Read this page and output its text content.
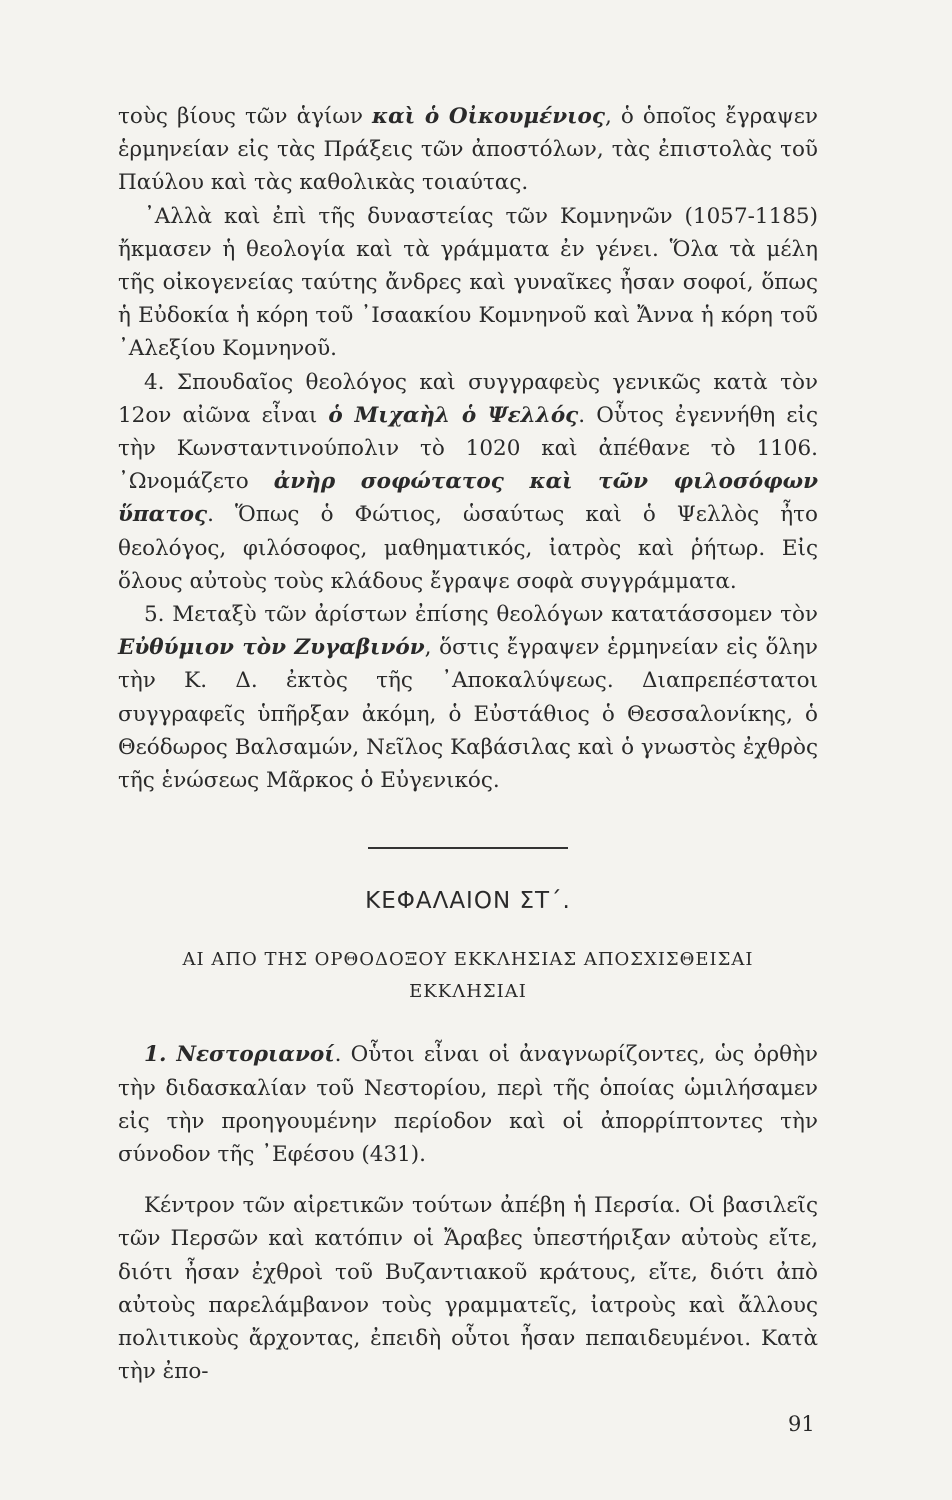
τοὺς βίους τῶν ἁγίων καὶ ὁ Οἰκουμένιος, ὁ ὁποῖος ἔγραψεν ἑρμηνείαν εἰς τὰς Πράξεις τῶν ἀποστόλων, τὰς ἐπιστολὰς τοῦ Παύλου καὶ τὰς καθολικὰς τοιαύτας.

᾿Αλλὰ καὶ ἐπὶ τῆς δυναστείας τῶν Κομνηνῶν (1057-1185) ἤκμασεν ἡ θεολογία καὶ τὰ γράμματα ἐν γένει. Ὅλα τὰ μέλη τῆς οἰκογενείας ταύτης ἄνδρες καὶ γυναῖκες ἦσαν σοφοί, ὅπως ἡ Εὐδοκία ἡ κόρη τοῦ ᾿Ισαακίου Κομνηνοῦ καὶ Ἄννα ἡ κόρη τοῦ ᾿Αλεξίου Κομνηνοῦ.

4. Σπουδαῖος θεολόγος καὶ συγγραφεὺς γενικῶς κατὰ τὸν 12ον αἰῶνα εἶναι ὁ Μιχαὴλ ὁ Ψελλός. Οὗτος ἐγεννήθη εἰς τὴν Κωνσταντινούπολιν τὸ 1020 καὶ ἀπέθανε τὸ 1106. ᾿Ωνομάζετο ἀνὴρ σοφώτατος καὶ τῶν φιλοσόφων ὕπατος. Ὅπως ὁ Φώτιος, ὡσαύτως καὶ ὁ Ψελλὸς ἦτο θεολόγος, φιλόσοφος, μαθηματικός, ἰατρὸς καὶ ῥήτωρ. Εἰς ὅλους αὐτοὺς τοὺς κλάδους ἔγραψε σοφὰ συγγράμματα.

5. Μεταξὺ τῶν ἀρίστων ἐπίσης θεολόγων κατατάσσομεν τὸν Εὐθύμιον τὸν Ζυγαβινόν, ὅστις ἔγραψεν ἑρμηνείαν εἰς ὅλην τὴν Κ. Δ. ἐκτὸς τῆς ᾿Αποκαλύψεως. Διαπρεπέστατοι συγγραφεῖς ὑπῆρξαν ἀκόμη, ὁ Εὐστάθιος ὁ Θεσσαλονίκης, ὁ Θεόδωρος Βαλσαμών, Νεῖλος Καβάσιλας καὶ ὁ γνωστὸς ἐχθρὸς τῆς ἑνώσεως Μᾶρκος ὁ Εὐγενικός.

ΚΕΦΑΛΑΙΟΝ ΣΤ΄.
ΑΙ ΑΠΟ ΤΗΣ ΟΡΘΟΔΟΞΟΥ ΕΚΚΛΗΣΙΑΣ ΑΠΟΣΧΙΣΘΕΙΣΑΙ
ΕΚΚΛΗΣΙΑΙ

1. Νεστοριανοί. Οὗτοι εἶναι οἱ ἀναγνωρίζοντες, ὡς ὀρθὴν τὴν διδασκαλίαν τοῦ Νεστορίου, περὶ τῆς ὁποίας ὡμιλήσαμεν εἰς τὴν προηγουμένην περίοδον καὶ οἱ ἀπορρίπτοντες τὴν σύνοδον τῆς ᾿Εφέσου (431).

Κέντρον τῶν αἱρετικῶν τούτων ἀπέβη ἡ Περσία. Οἱ βασιλεῖς τῶν Περσῶν καὶ κατόπιν οἱ Ἄραβες ὑπεστήριξαν αὐτοὺς εἴτε, διότι ἦσαν ἐχθροὶ τοῦ Βυζαντιακοῦ κράτους, εἴτε, διότι ἀπὸ αὐτοὺς παρελάμβανον τοὺς γραμματεῖς, ἰατροὺς καὶ ἄλλους πολιτικοὺς ἄρχοντας, ἐπειδὴ οὗτοι ἦσαν πεπαιδευμένοι. Κατὰ τὴν ἐπο-

91
